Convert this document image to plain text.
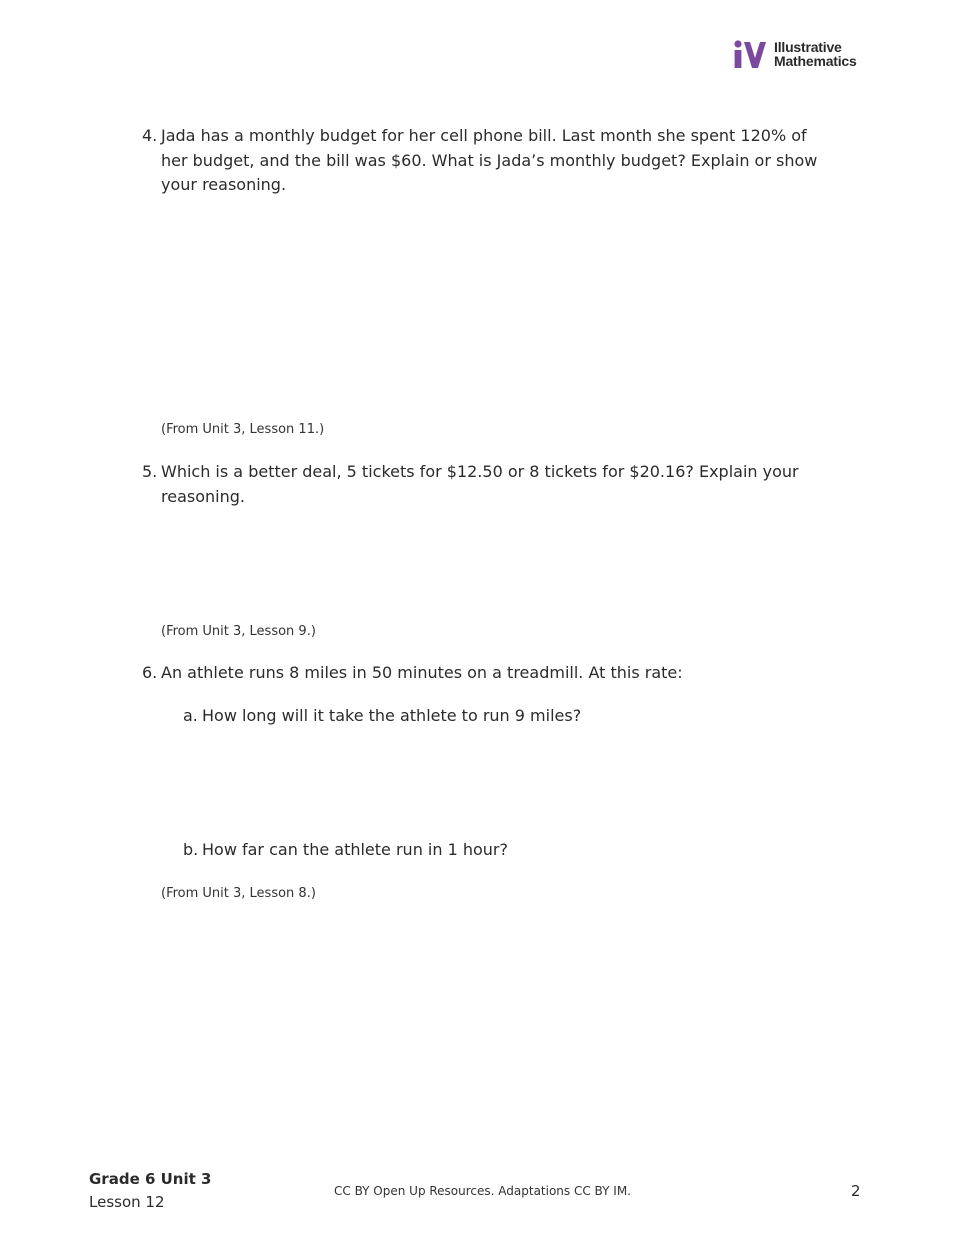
Illustrative
Mathematics
4. Jada has a monthly budget for her cell phone bill. Last month she spent 120% of her budget, and the bill was $60. What is Jada’s monthly budget? Explain or show your reasoning.
(From Unit 3, Lesson 11.)
5. Which is a better deal, 5 tickets for $12.50 or 8 tickets for $20.16? Explain your reasoning.
(From Unit 3, Lesson 9.)
6. An athlete runs 8 miles in 50 minutes on a treadmill. At this rate:
a. How long will it take the athlete to run 9 miles?
b. How far can the athlete run in 1 hour?
(From Unit 3, Lesson 8.)
Grade 6 Unit 3
Lesson 12
CC BY Open Up Resources. Adaptations CC BY IM.	2
